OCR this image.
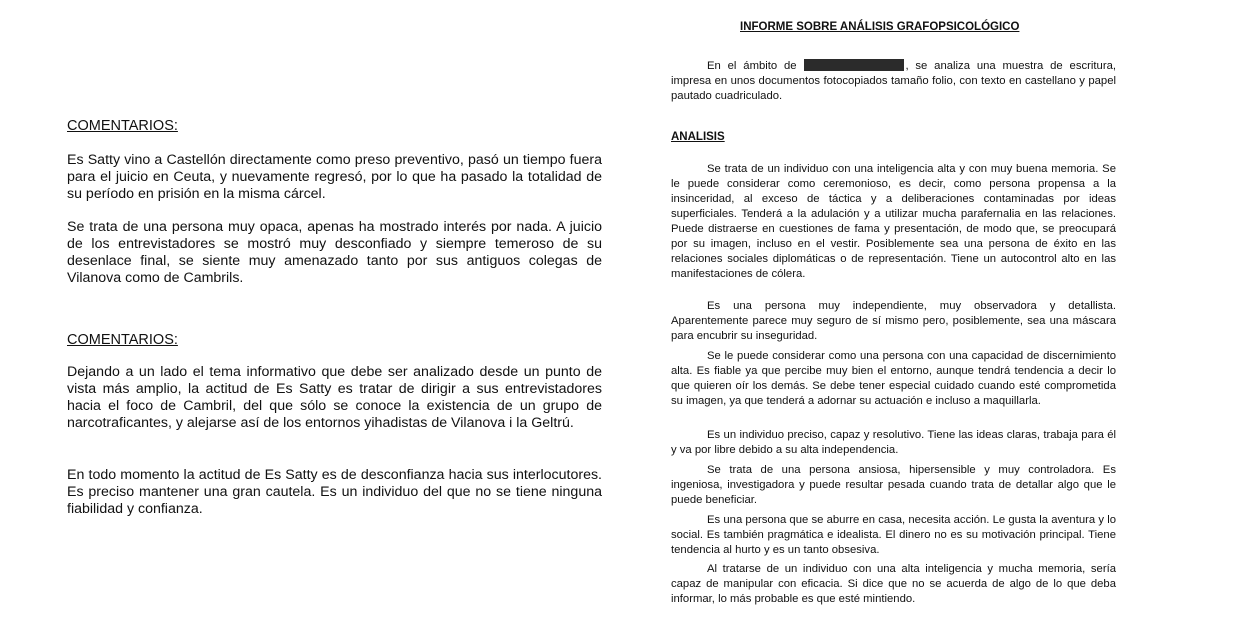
COMENTARIOS:
Es Satty vino a Castellón directamente como preso preventivo, pasó un tiempo fuera para el juicio en Ceuta, y nuevamente regresó, por lo que ha pasado la totalidad de su período en prisión en la misma cárcel.
Se trata de una persona muy opaca, apenas ha mostrado interés por nada. A juicio de los entrevistadores se mostró muy desconfiado y siempre temeroso de su desenlace final, se siente muy amenazado tanto por sus antiguos colegas de Vilanova como de Cambrils.
COMENTARIOS:
Dejando a un lado el tema informativo que debe ser analizado desde un punto de vista más amplio, la actitud de Es Satty es tratar de dirigir a sus entrevistadores hacia el foco de Cambril, del que sólo se conoce la existencia de un grupo de narcotraficantes, y alejarse así de los entornos yihadistas de Vilanova i la Geltrú.
En todo momento la actitud de Es Satty es de desconfianza hacia sus interlocutores. Es preciso mantener una gran cautela. Es un individuo del que no se tiene ninguna fiabilidad y confianza.
INFORME SOBRE ANÁLISIS GRAFOPSICOLÓGICO
En el ámbito de	, se analiza una muestra de escritura, impresa en unos documentos fotocopiados tamaño folio, con texto en castellano y papel pautado cuadriculado.
ANALISIS
Se trata de un individuo con una inteligencia alta y con muy buena memoria. Se le puede considerar como ceremonioso, es decir, como persona propensa a la insinceridad, al exceso de táctica y a deliberaciones contaminadas por ideas superficiales. Tenderá a la adulación y a utilizar mucha parafernalia en las relaciones. Puede distraerse en cuestiones de fama y presentación, de modo que, se preocupará por su imagen, incluso en el vestir. Posiblemente sea una persona de éxito en las relaciones sociales diplomáticas o de representación. Tiene un autocontrol alto en las manifestaciones de cólera.
Es una persona muy independiente, muy observadora y detallista. Aparentemente parece muy seguro de sí mismo pero, posiblemente, sea una máscara para encubrir su inseguridad.
Se le puede considerar como una persona con una capacidad de discernimiento alta. Es fiable ya que percibe muy bien el entorno, aunque tendrá tendencia a decir lo que quieren oír los demás. Se debe tener especial cuidado cuando esté comprometida su imagen, ya que tenderá a adornar su actuación e incluso a maquillarla.
Es un individuo preciso, capaz y resolutivo. Tiene las ideas claras, trabaja para él y va por libre debido a su alta independencia.
Se trata de una persona ansiosa, hipersensible y muy controladora. Es ingeniosa, investigadora y puede resultar pesada cuando trata de detallar algo que le puede beneficiar.
Es una persona que se aburre en casa, necesita acción. Le gusta la aventura y lo social. Es también pragmática e idealista. El dinero no es su motivación principal. Tiene tendencia al hurto y es un tanto obsesiva.
Al tratarse de un individuo con una alta inteligencia y mucha memoria, sería capaz de manipular con eficacia. Si dice que no se acuerda de algo de lo que deba informar, lo más probable es que esté mintiendo.
